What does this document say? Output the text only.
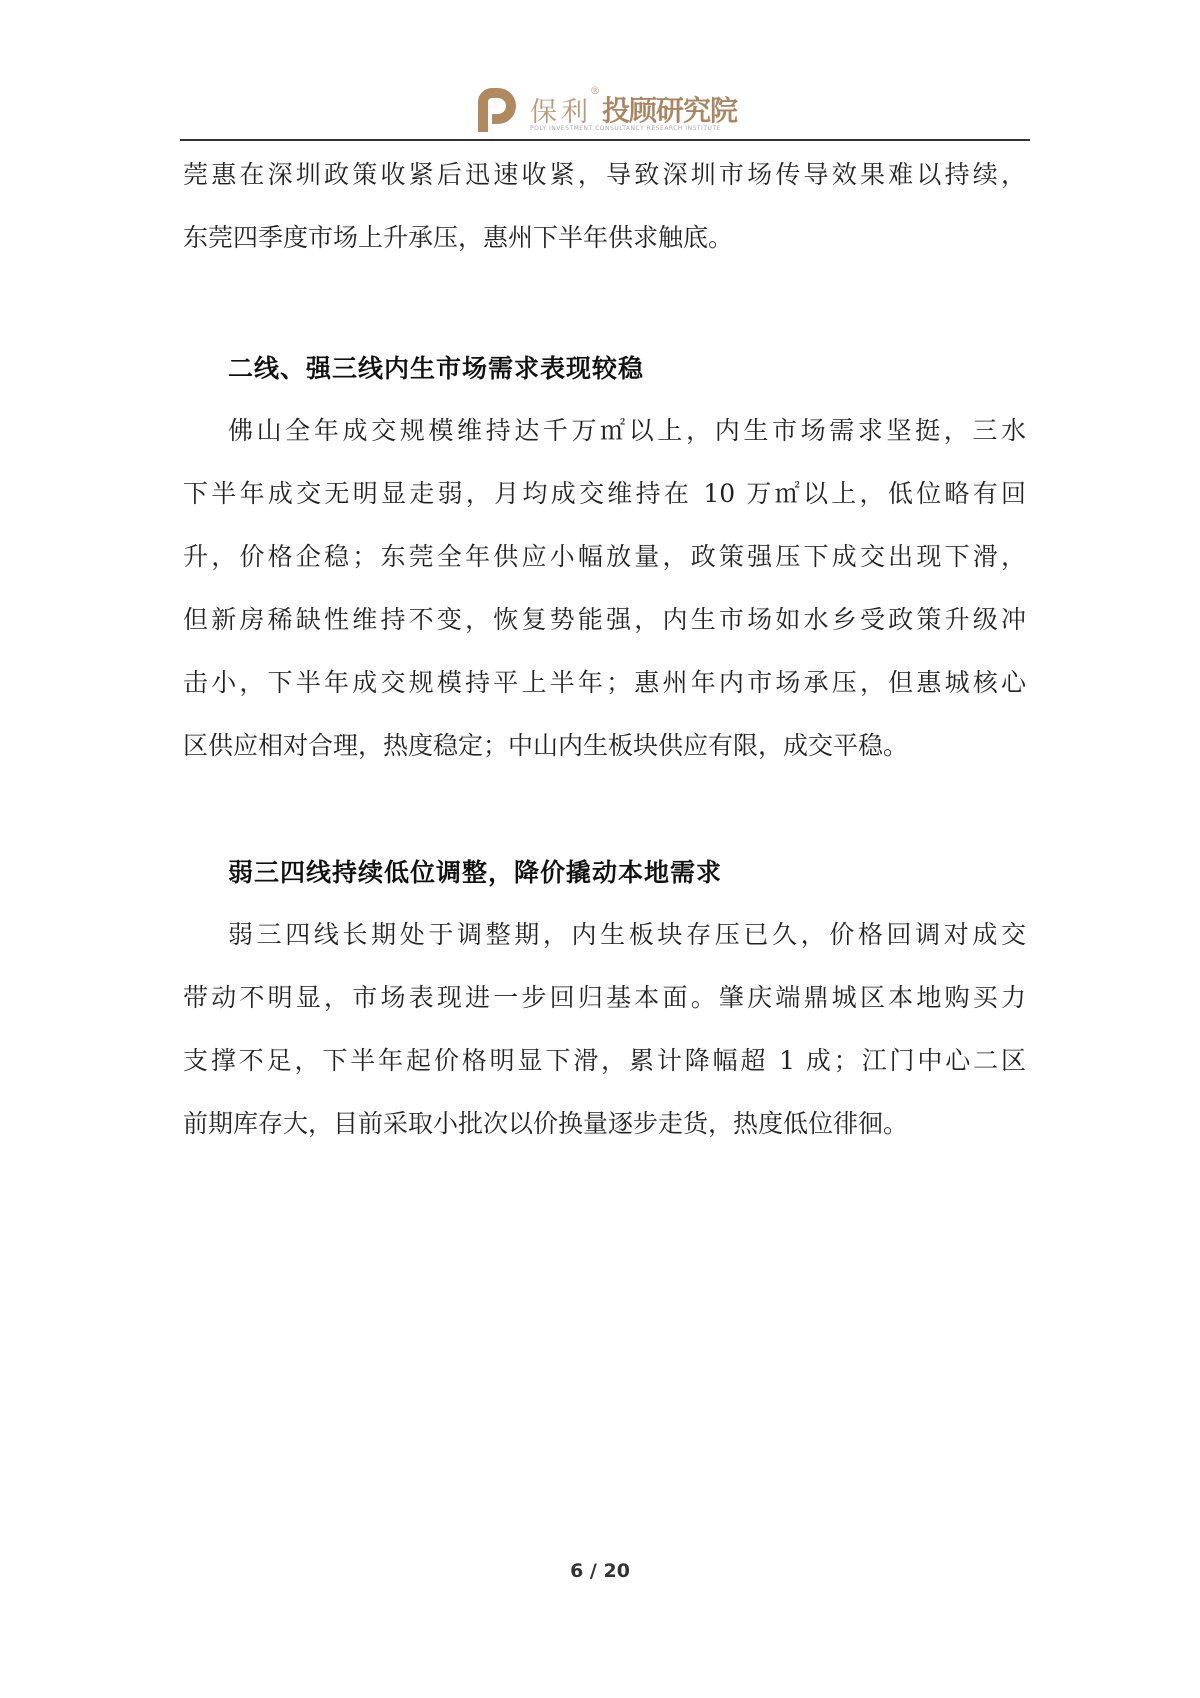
保利
®
投顾研究院
POLY INVESTMENT CONSULTANCY RESEARCH INSTITUTE
莞惠在深圳政策收紧后迅速收紧，导致深圳市场传导效果难以持续，
东莞四季度市场上升承压，惠州下半年供求触底。
二线、强三线内生市场需求表现较稳
佛山全年成交规模维持达千万㎡以上，内生市场需求坚挺，三水
下半年成交无明显走弱，月均成交维持在 10 万㎡以上，低位略有回
升，价格企稳；东莞全年供应小幅放量，政策强压下成交出现下滑，
但新房稀缺性维持不变，恢复势能强，内生市场如水乡受政策升级冲
击小，下半年成交规模持平上半年；惠州年内市场承压，但惠城核心
区供应相对合理，热度稳定；中山内生板块供应有限，成交平稳。
弱三四线持续低位调整，降价撬动本地需求
弱三四线长期处于调整期，内生板块存压已久，价格回调对成交
带动不明显，市场表现进一步回归基本面。肇庆端鼎城区本地购买力
支撑不足，下半年起价格明显下滑，累计降幅超 1 成；江门中心二区
前期库存大，目前采取小批次以价换量逐步走货，热度低位徘徊。
6 / 20
